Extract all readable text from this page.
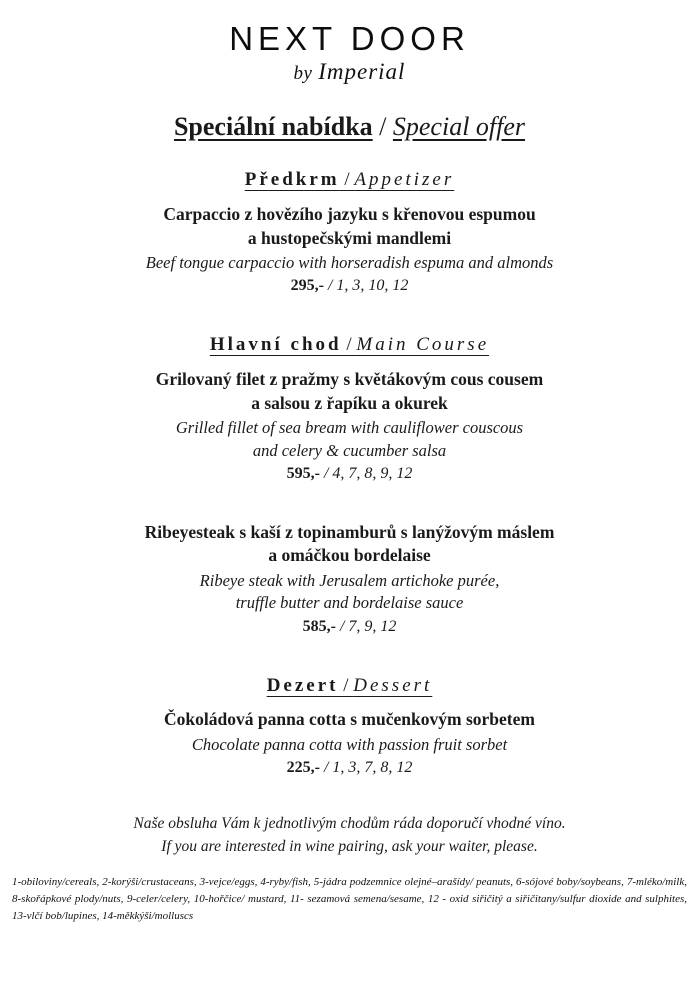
NEXT DOOR
by Imperial
Speciální nabídka / Special offer
Předkrm / Appetizer
Carpaccio z hovězího jazyku s křenovou espumou
a hustopečskými mandlemi
Beef tongue carpaccio with horseradish espuma and almonds
295,- / 1, 3, 10, 12
Hlavní chod / Main Course
Grilovaný filet z pražmy s květákovým cous cousem
a salsou z řapíku a okurek
Grilled fillet of sea bream with cauliflower couscous
and celery & cucumber salsa
595,- / 4, 7, 8, 9, 12
Ribeyesteak s kaší z topinamburů s lanýžovým máslem
a omáčkou bordelaise
Ribeye steak with Jerusalem artichoke purée,
truffle butter and bordelaise sauce
585,- / 7, 9, 12
Dezert / Dessert
Čokoládová panna cotta s mučenkovým sorbetem
Chocolate panna cotta with passion fruit sorbet
225,- / 1, 3, 7, 8, 12
Naše obsluha Vám k jednotlivým chodům ráda doporučí vhodné víno.
If you are interested in wine pairing, ask your waiter, please.
1-obiloviny/cereals, 2-korýši/crustaceans, 3-vejce/eggs, 4-ryby/fish, 5-jádra podzemnice olejné–arašídy/ peanuts, 6-sójové boby/soybeans, 7-mléko/milk, 8-skořápkové plody/nuts, 9-celer/celery, 10-hořčice/ mustard, 11- sezamová semena/sesame, 12 - oxid siřičitý a siřičitany/sulfur dioxide and sulphites, 13-vlčí bob/lupines, 14-měkkýši/molluscs
